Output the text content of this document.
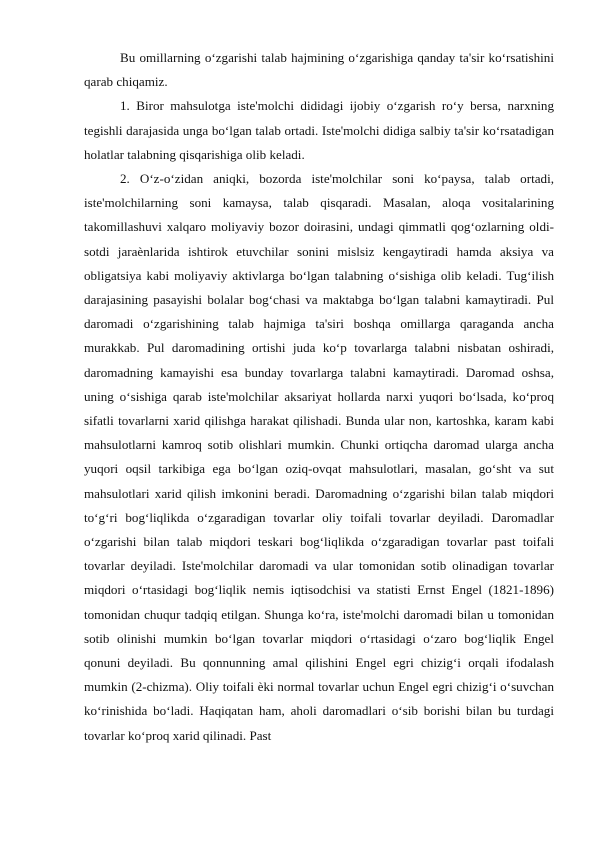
Bu omillarning o‘zgarishi talab hajmining o‘zgarishiga qanday ta'sir ko‘rsatishini qarab chiqamiz.

1. Biror mahsulotga iste'molchi dididagi ijobiy o‘zgarish ro‘y bersa, narxning tegishli darajasida unga bo‘lgan talab ortadi. Iste'molchi didiga salbiy ta'sir ko‘rsatadigan holatlar talabning qisqarishiga olib keladi.

2. O‘z-o‘zidan aniqki, bozorda iste'molchilar soni ko‘paysa, talab ortadi, iste'molchilarning soni kamaysa, talab qisqaradi. Masalan, aloqa vositalarining takomillashuvi xalqaro moliyaviy bozor doirasini, undagi qimmatli qog‘ozlarning oldi-sotdi jaraènlarida ishtirok etuvchilar sonini mislsiz kengaytiradi hamda aksiya va obligatsiya kabi moliyaviy aktivlarga bo‘lgan talabning o‘sishiga olib keladi. Tug‘ilish darajasining pasayishi bolalar bog‘chasi va maktabga bo‘lgan talabni kamaytiradi. Pul daromadi o‘zgarishining talab hajmiga ta'siri boshqa omillarga qaraganda ancha murakkab. Pul daromadining ortishi juda ko‘p tovarlarga talabni nisbatan oshiradi, daromadning kamayishi esa bunday tovarlarga talabni kamaytiradi. Daromad oshsa, uning o‘sishiga qarab iste'molchilar aksariyat hollarda narxi yuqori bo‘lsada, ko‘proq sifatli tovarlarni xarid qilishga harakat qilishadi. Bunda ular non, kartoshka, karam kabi mahsulotlarni kamroq sotib olishlari mumkin. Chunki ortiqcha daromad ularga ancha yuqori oqsil tarkibiga ega bo‘lgan oziq-ovqat mahsulotlari, masalan, go‘sht va sut mahsulotlari xarid qilish imkonini beradi. Daromadning o‘zgarishi bilan talab miqdori to‘g‘ri bog‘liqlikda o‘zgaradigan tovarlar oliy toifali tovarlar deyiladi. Daromadlar o‘zgarishi bilan talab miqdori teskari bog‘liqlikda o‘zgaradigan tovarlar past toifali tovarlar deyiladi. Iste'molchilar daromadi va ular tomonidan sotib olinadigan tovarlar miqdori o‘rtasidagi bog‘liqlik nemis iqtisodchisi va statisti Ernst Engel (1821-1896) tomonidan chuqur tadqiq etilgan. Shunga ko‘ra, iste'molchi daromadi bilan u tomonidan sotib olinishi mumkin bo‘lgan tovarlar miqdori o‘rtasidagi o‘zaro bog‘liqlik Engel qonuni deyiladi. Bu qonnunning amal qilishini Engel egri chizig‘i orqali ifodalash mumkin (2-chizma). Oliy toifali èki normal tovarlar uchun Engel egri chizig‘i o‘suvchan ko‘rinishida bo‘ladi. Haqiqatan ham, aholi daromadlari o‘sib borishi bilan bu turdagi tovarlar ko‘proq xarid qilinadi. Past
